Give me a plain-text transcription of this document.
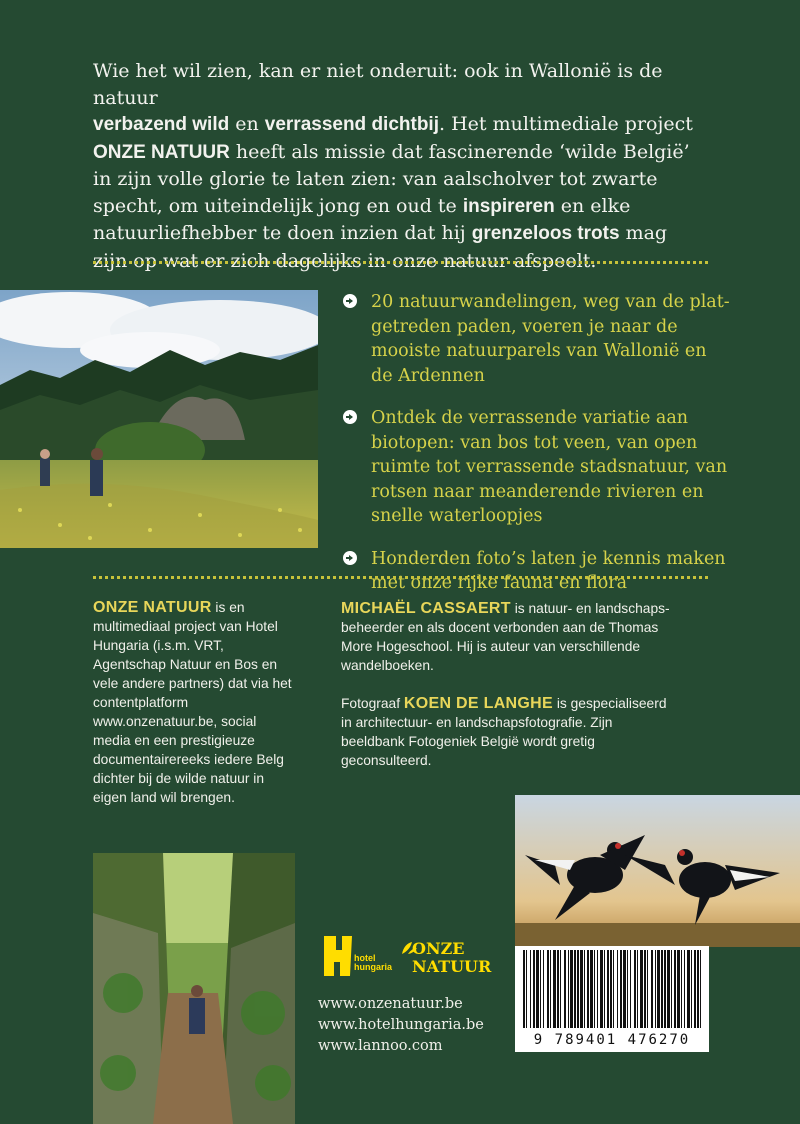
Wie het wil zien, kan er niet onderuit: ook in Wallonië is de natuur
verbazend wild en verrassend dichtbij. Het multimediale project
ONZE NATUUR heeft als missie dat fascinerende ‘wilde België’ in zijn volle glorie te laten zien: van aalscholver tot zwarte specht, om uiteindelijk jong en oud te inspireren en elke natuurliefhebber te doen inzien dat hij grenzeloos trots mag zijn op wat er zich dagelijks in onze natuur afspeelt.
20 natuurwandelingen, weg van de plat-getreden paden, voeren je naar de mooiste natuurparels van Wallonië en de Ardennen
Ontdek de verrassende variatie aan biotopen: van bos tot veen, van open ruimte tot verrassende stadsnatuur, van rotsen naar meanderende rivieren en snelle waterloopjes
Honderden foto’s laten je kennis maken met onze rijke fauna en flora
ONZE NATUUR is en multimediaal project van Hotel Hungaria (i.s.m. VRT, Agentschap Natuur en Bos en vele andere partners) dat via het contentplatform www.onzenatuur.be, social media en een prestigieuze documentairereeks iedere Belg dichter bij de wilde natuur in eigen land wil brengen.
MICHAËL CASSAERT is natuur- en landschaps-beheerder en als docent verbonden aan de Thomas More Hogeschool. Hij is auteur van verschillende wandelboeken.
Fotograaf KOEN DE LANGHE is gespecialiseerd in architectuur- en landschapsfotografie. Zijn beeldbank Fotogeniek België wordt gretig geconsulteerd.
hotel
hungaria
ONZE
NATUUR
www.onzenatuur.be
www.hotelhungaria.be
www.lannoo.com	9 789401 476270
